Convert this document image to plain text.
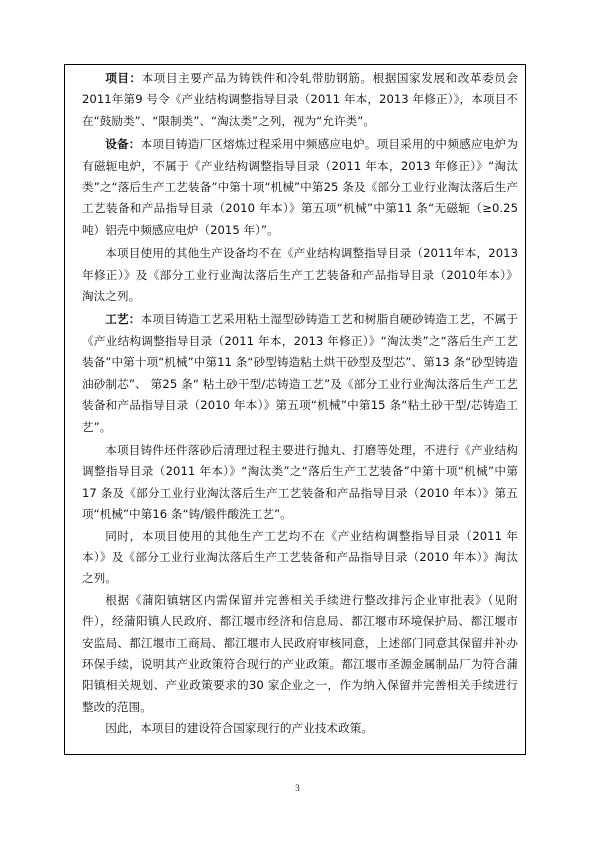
项目：本项目主要产品为铸铁件和冷轧带肋钢筋。根据国家发展和改革委员会2011年第9 号令《产业结构调整指导目录（2011 年本，2013 年修正）》，本项目不在“鼓励类”、“限制类”、“淘汰类”之列，视为“允许类”。

设备：本项目铸造厂区熔炼过程采用中频感应电炉。项目采用的中频感应电炉为有磁轭电炉，不属于《产业结构调整指导目录（2011 年本，2013 年修正）》“淘汰类”之“落后生产工艺装备”中第十项“机械”中第25 条及《部分工业行业淘汰落后生产工艺装备和产品指导目录（2010 年本）》第五项“机械”中第11 条“无磁轭（≥0.25吨）铝壳中频感应电炉（2015 年）”。

本项目使用的其他生产设备均不在《产业结构调整指导目录（2011年本，2013 年修正）》及《部分工业行业淘汰落后生产工艺装备和产品指导目录（2010年本）》淘汰之列。

工艺：本项目铸造工艺采用粘土湿型砂铸造工艺和树脂自硬砂铸造工艺，不属于《产业结构调整指导目录（2011 年本，2013 年修正）》“淘汰类”之“落后生产工艺装备”中第十项“机械”中第11 条“砂型铸造粘土烘干砂型及型芯”、第13 条“砂型铸造油砂制芯”、 第25 条“ 粘土砂干型/芯铸造工艺”及《部分工业行业淘汰落后生产工艺装备和产品指导目录（2010 年本）》第五项“机械”中第15 条“粘土砂干型/芯铸造工艺”。

本项目铸件坯件落砂后清理过程主要进行抛丸、打磨等处理，不进行《产业结构调整指导目录（2011 年本）》“淘汰类”之“落后生产工艺装备”中第十项“机械”中第17 条及《部分工业行业淘汰落后生产工艺装备和产品指导目录（2010 年本）》第五项“机械”中第16 条“铸/锻件酸洗工艺”。

同时，本项目使用的其他生产工艺均不在《产业结构调整指导目录（2011 年本）》及《部分工业行业淘汰落后生产工艺装备和产品指导目录（2010 年本）》淘汰之列。

根据《蒲阳镇辖区内需保留并完善相关手续进行整改排污企业审批表》（见附件），经蒲阳镇人民政府、都江堰市经济和信息局、都江堰市环境保护局、都江堰市安监局、都江堰市工商局、都江堰市人民政府审核同意，上述部门同意其保留并补办环保手续，说明其产业政策符合现行的产业政策。都江堰市圣源金属制品厂为符合蒲阳镇相关规划、产业政策要求的30 家企业之一，作为纳入保留并完善相关手续进行整改的范围。

因此，本项目的建设符合国家现行的产业技术政策。

3
